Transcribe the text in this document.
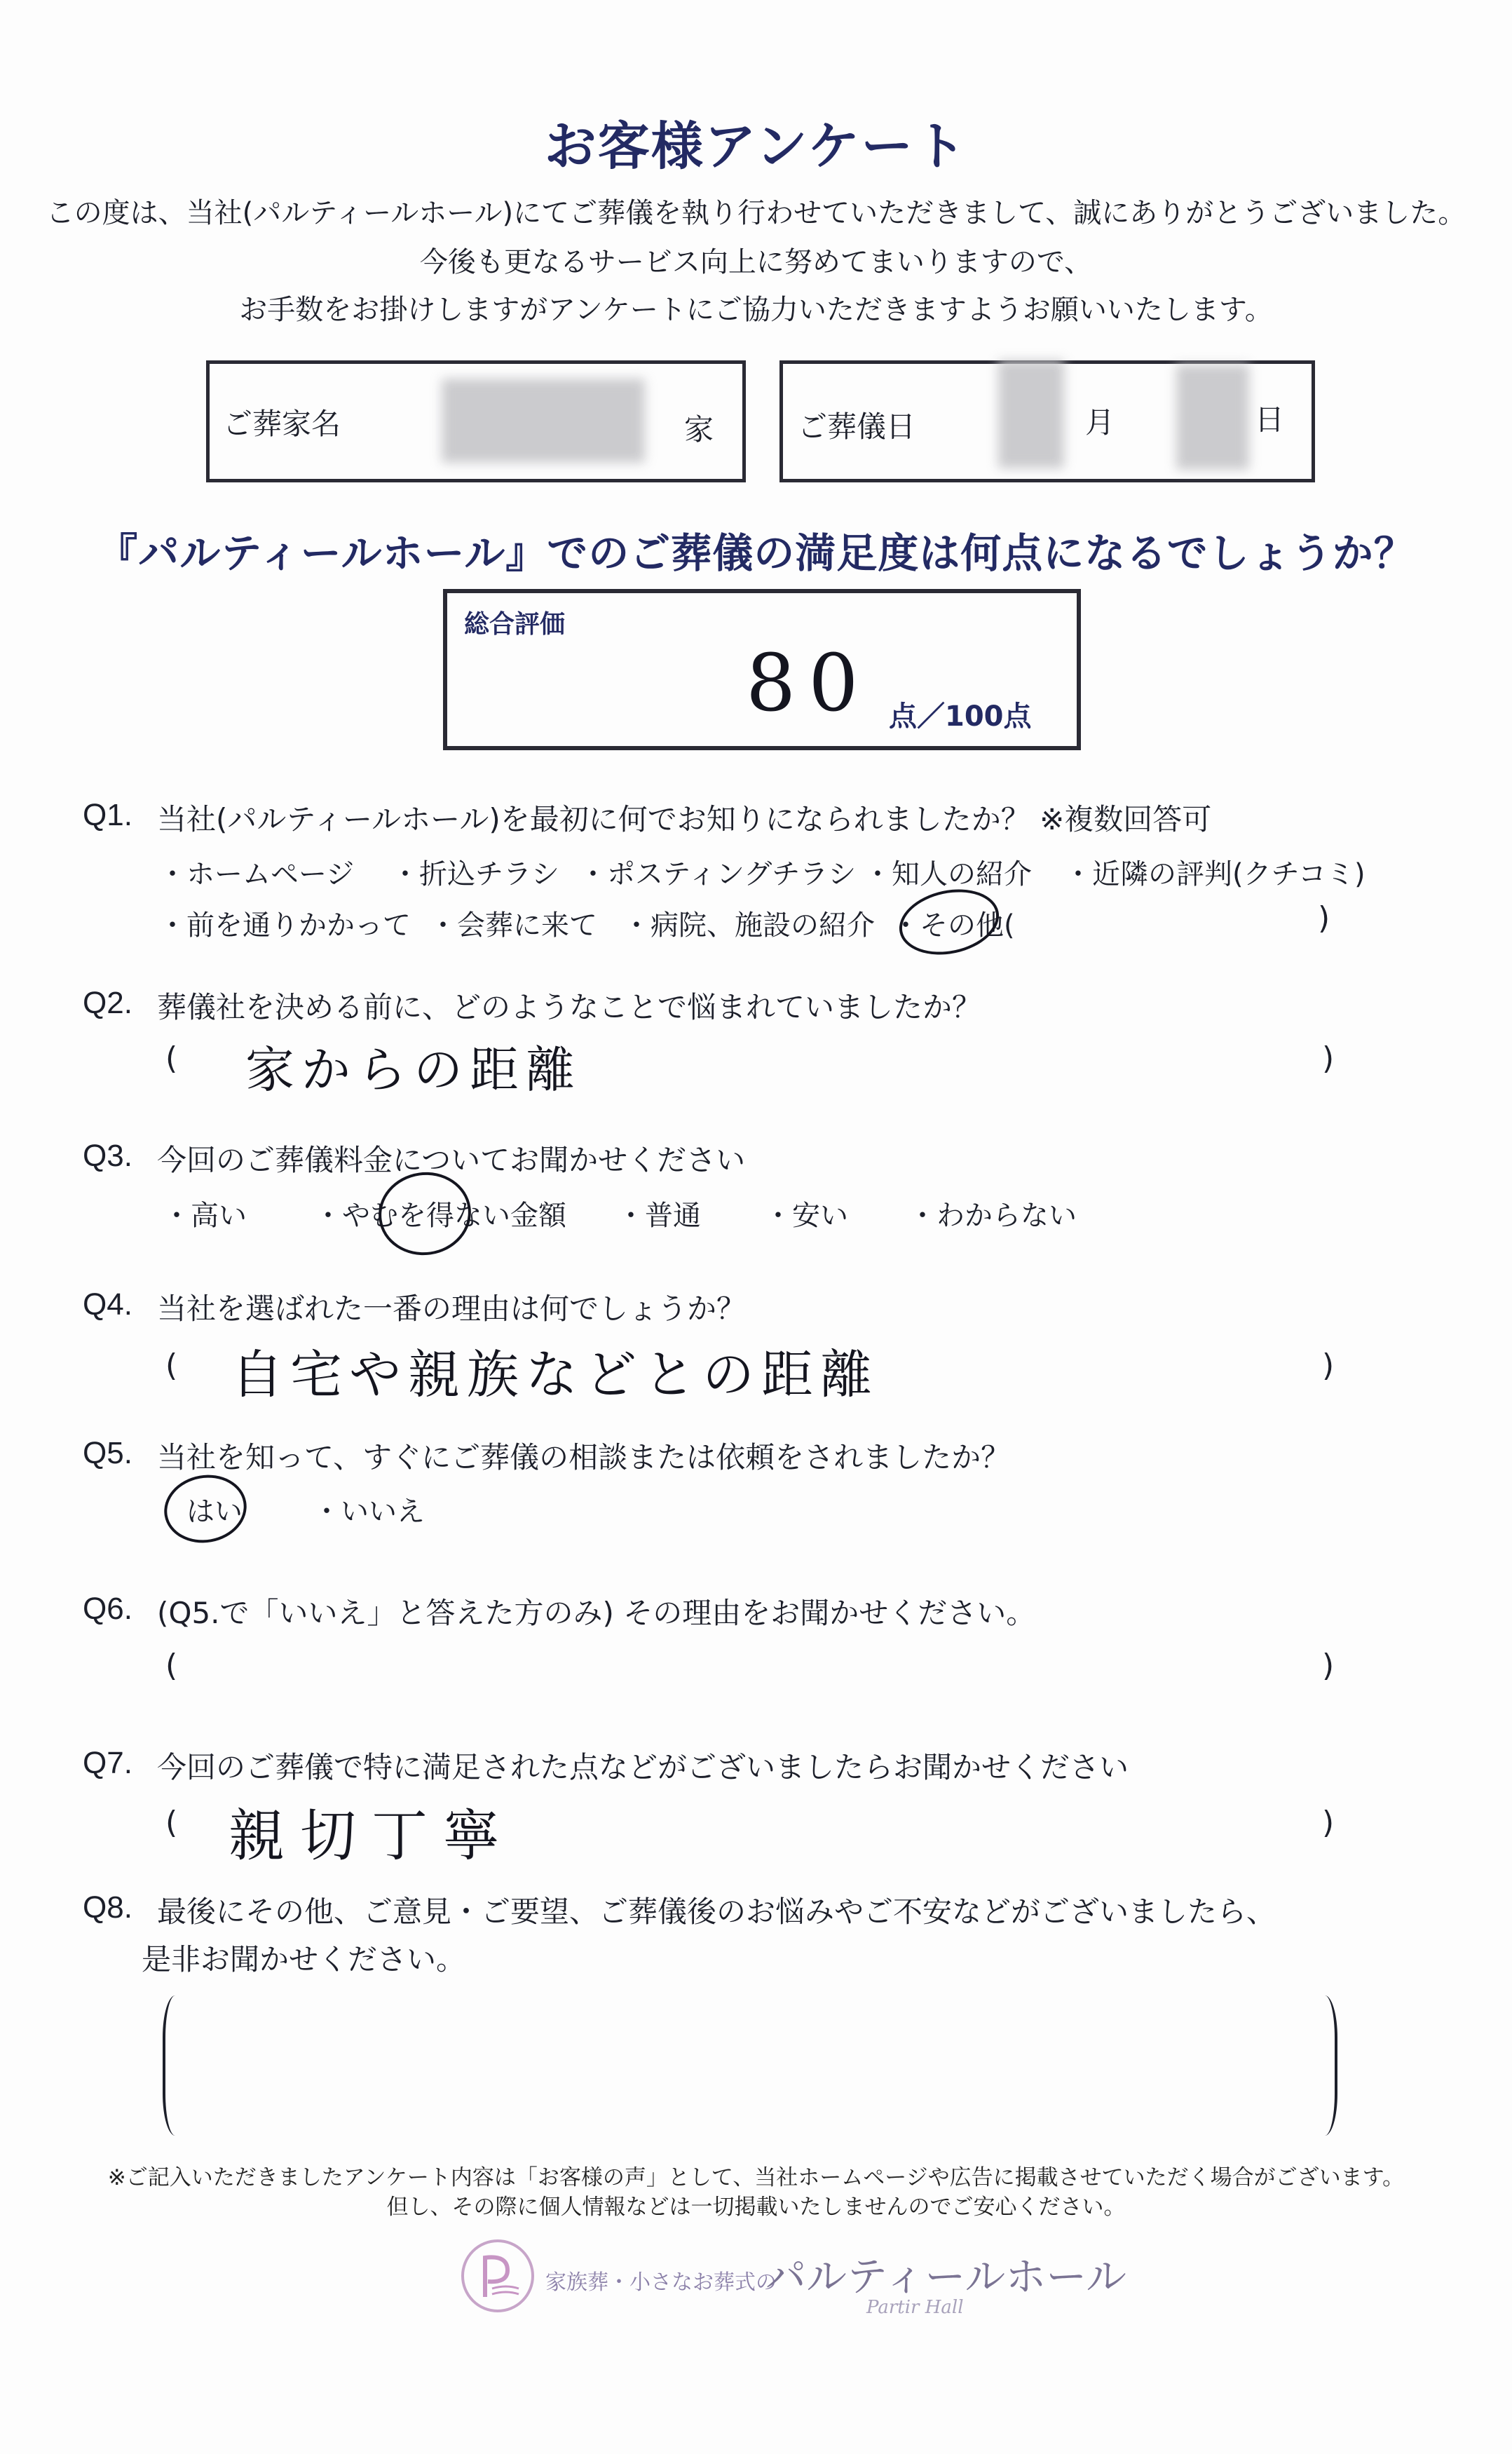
お客様アンケート
この度は、当社(パルティールホール)にてご葬儀を執り行わせていただきまして、誠にありがとうございました。
今後も更なるサービス向上に努めてまいりますので、
お手数をお掛けしますがアンケートにご協力いただきますようお願いいたします。
ご葬家名	家	ご葬儀日	月	日
『パルティールホール』でのご葬儀の満足度は何点になるでしょうか？
総合評価
80 点／100点
Q1. 当社(パルティールホール)を最初に何でお知りになられましたか？ ※複数回答可
・ホームページ ・折込チラシ ・ポスティングチラシ ・知人の紹介 ・近隣の評判(クチコミ)
・前を通りかかって ・会葬に来て ・病院、施設の紹介 ・その他(	)
Q2. 葬儀社を決める前に、どのようなことで悩まれていましたか？
( 家からの距離	)
Q3. 今回のご葬儀料金についてお聞かせください
・高い ・やむを得ない金額 ・普通 ・安い ・わからない
Q4. 当社を選ばれた一番の理由は何でしょうか？
( 自宅や親族などとの距離	)
Q5. 当社を知って、すぐにご葬儀の相談または依頼をされましたか？
はい	・いいえ
Q6. (Q5.で「いいえ」と答えた方のみ) その理由をお聞かせください。
(	)
Q7. 今回のご葬儀で特に満足された点などがございましたらお聞かせください
( 親切丁寧	)
Q8. 最後にその他、ご意見・ご要望、ご葬儀後のお悩みやご不安などがございましたら、
是非お聞かせください。
※ご記入いただきましたアンケート内容は「お客様の声」として、当社ホームページや広告に掲載させていただく場合がございます。
但し、その際に個人情報などは一切掲載いたしませんのでご安心ください。
家族葬・小さなお葬式の
パルティールホール
Partir Hall
